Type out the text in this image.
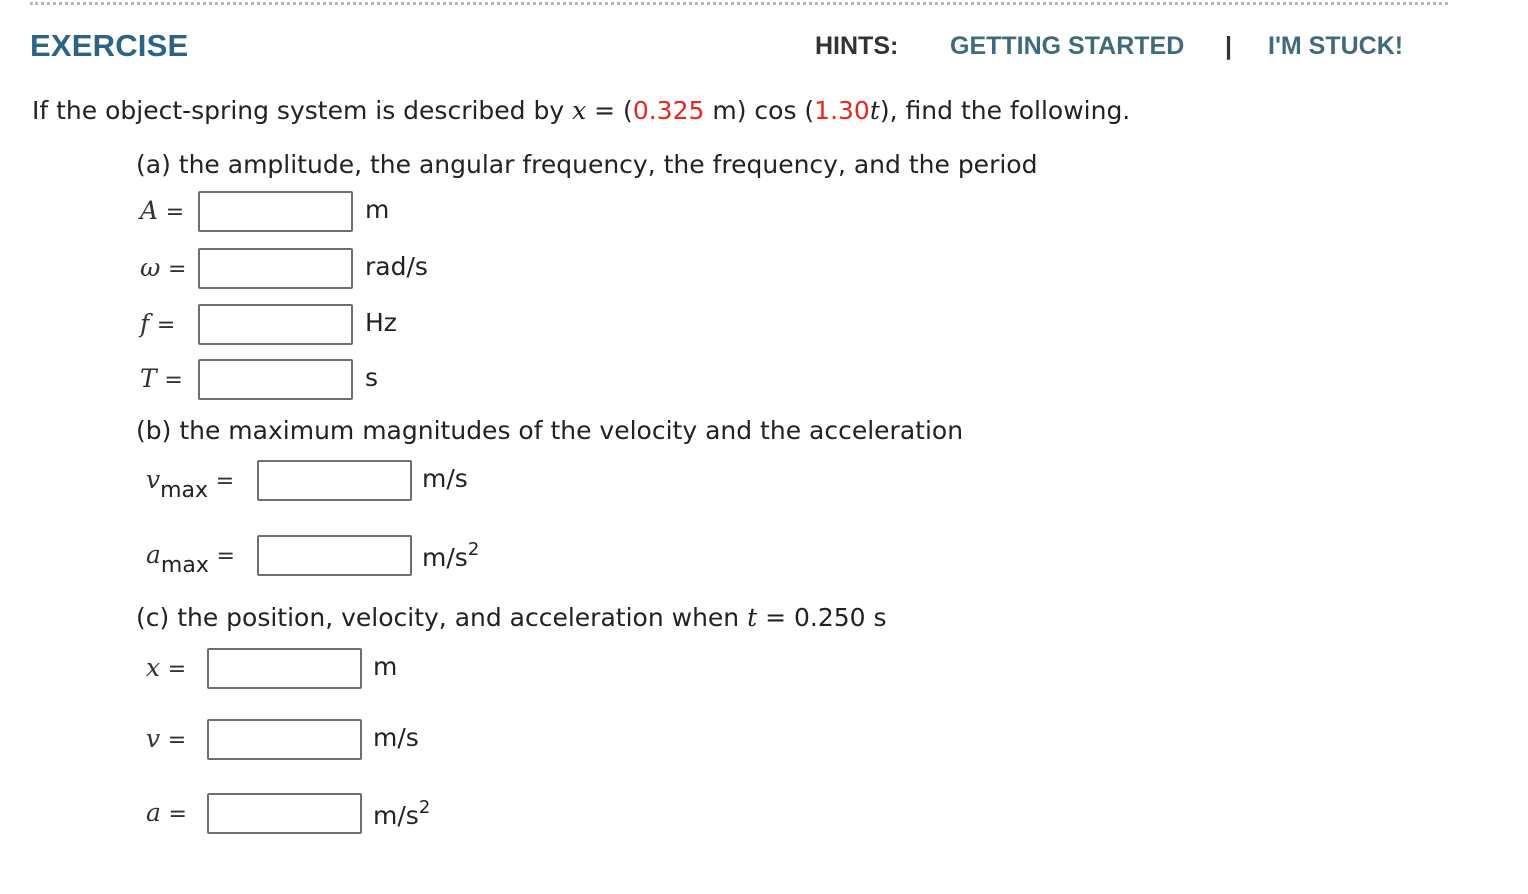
EXERCISE	HINTS: GETTING STARTED | I'M STUCK!
If the object-spring system is described by x = (0.325 m) cos (1.30t), find the following.
(a) the amplitude, the angular frequency, the frequency, and the period
A =	m
ω =	rad/s
f =	Hz
T =	s
(b) the maximum magnitudes of the velocity and the acceleration
$v_{max}$ =	m/s
$a_{max}$ =	$m/s^2$
(c) the position, velocity, and acceleration when t = 0.250 s
x =	m
v =	m/s
a =	$m/s^2$
